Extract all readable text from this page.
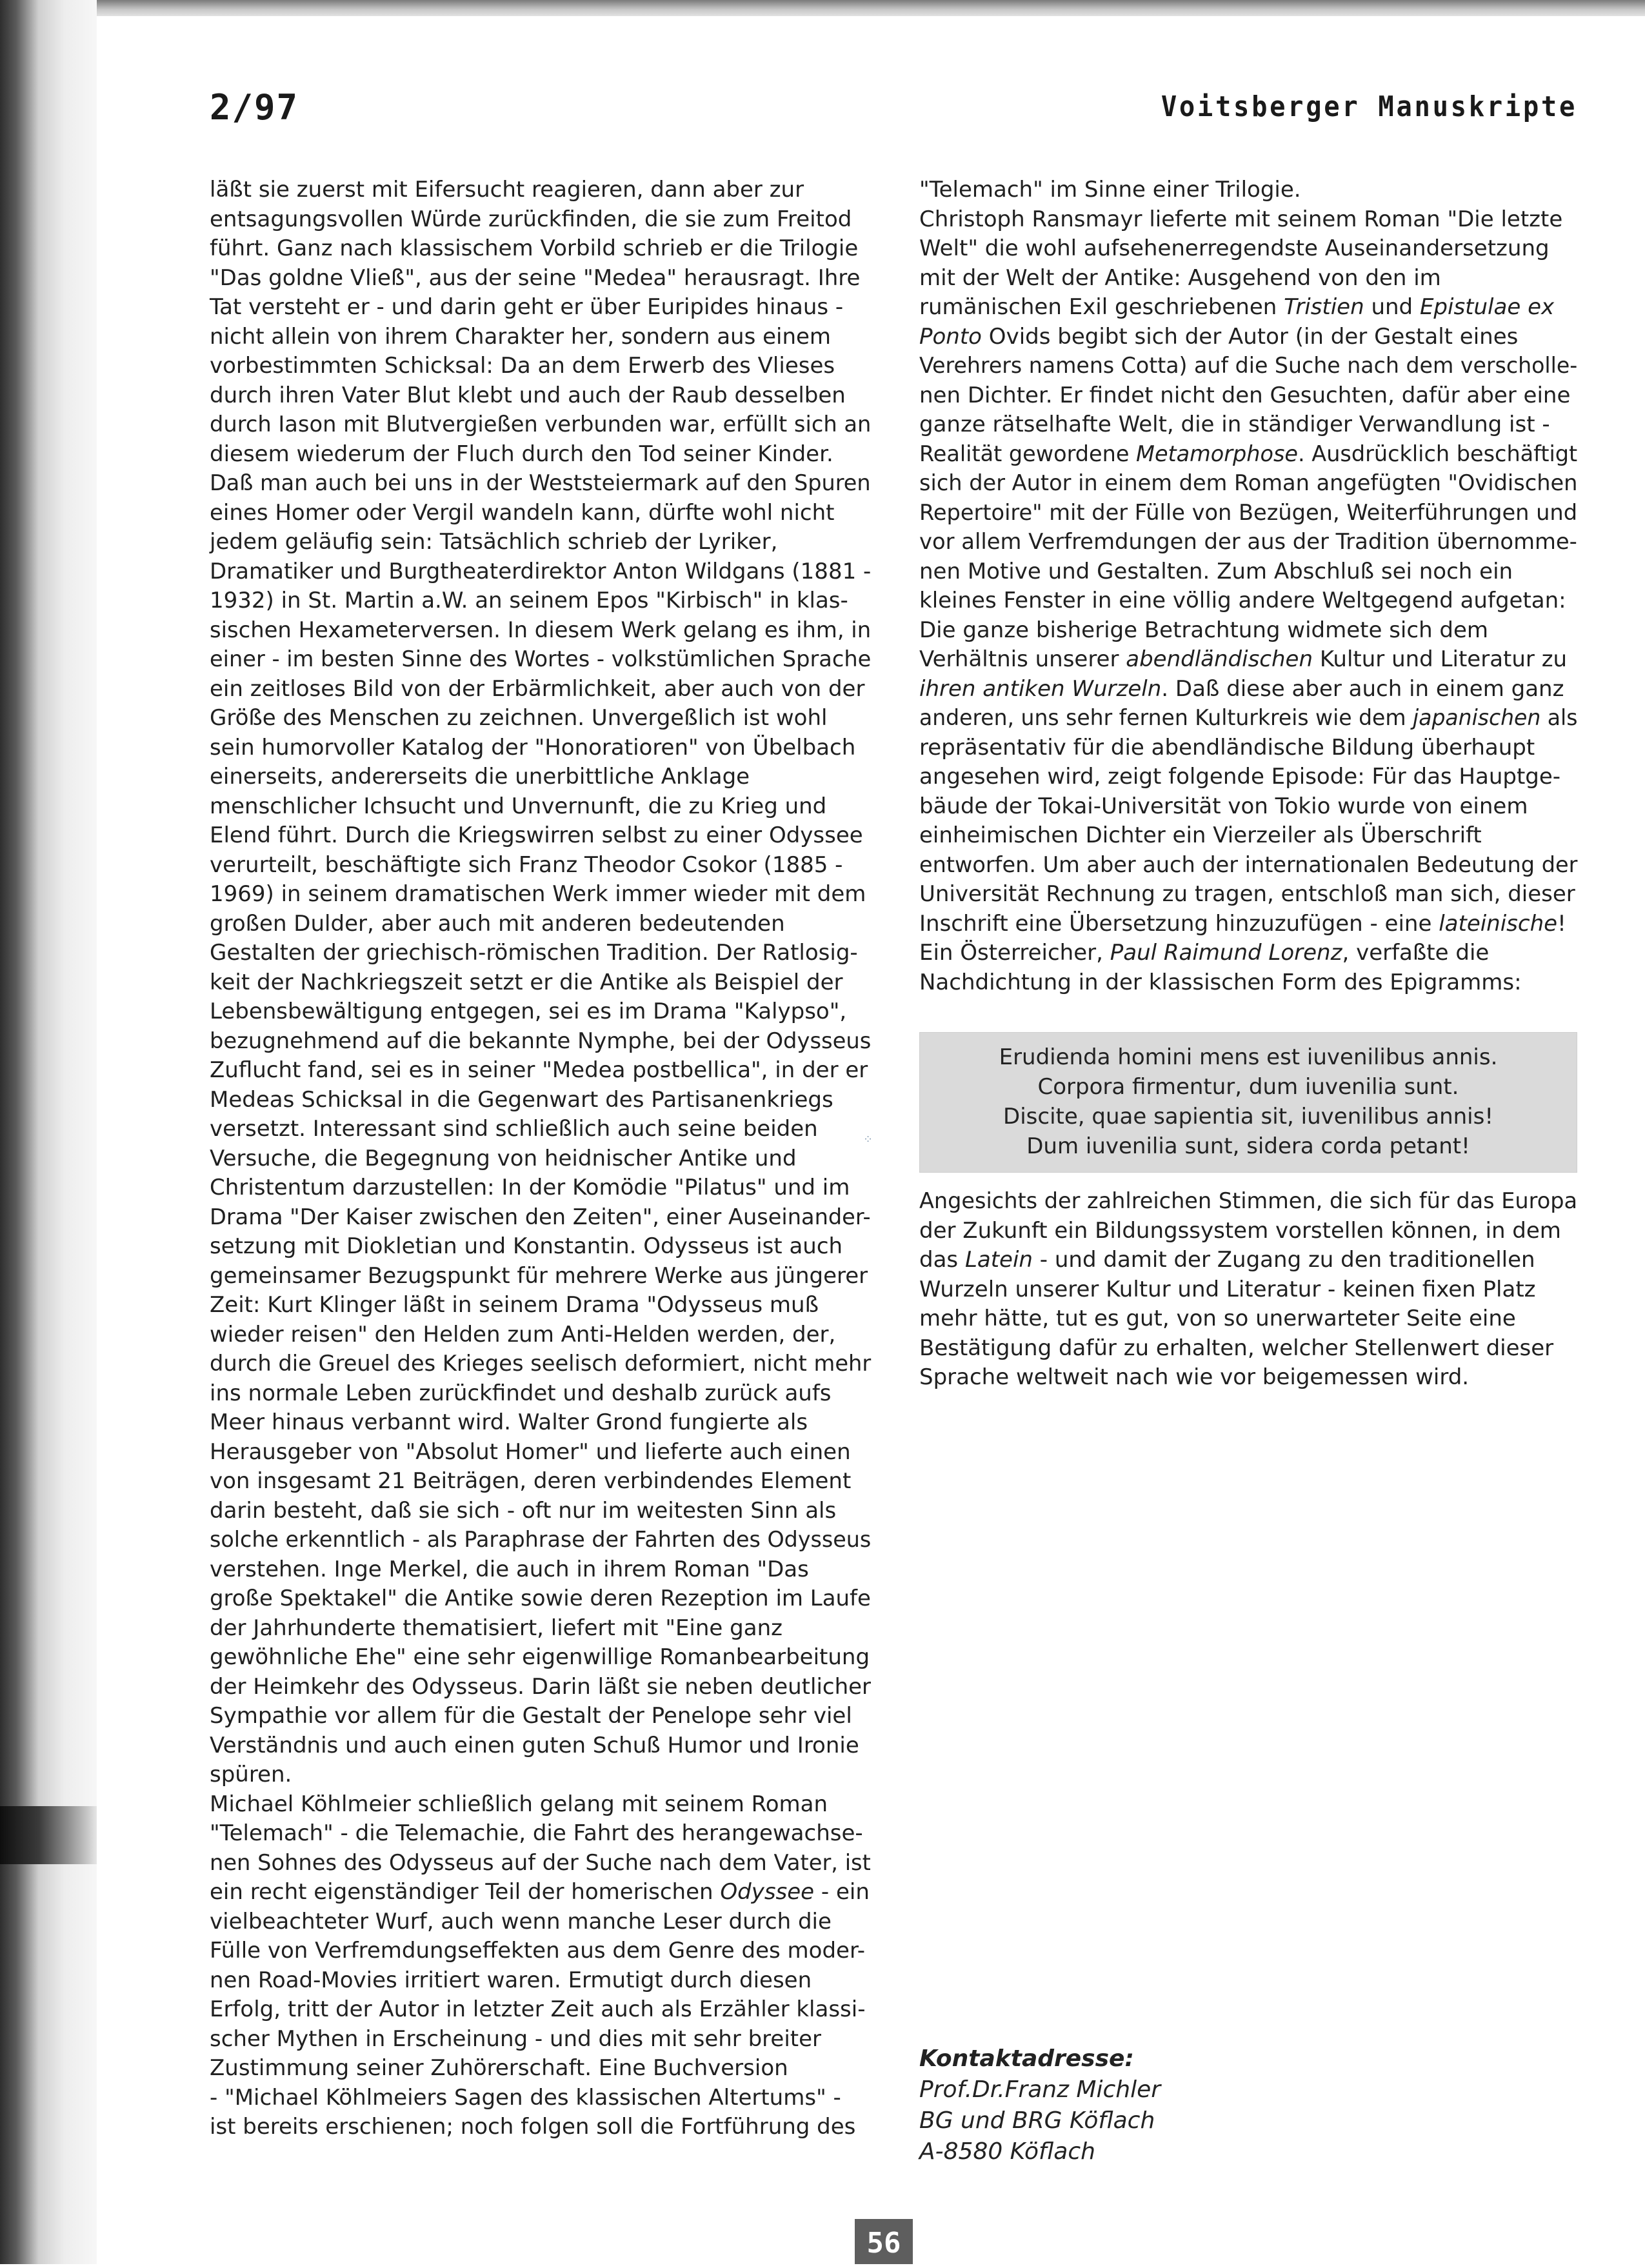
2/97	Voitsberger Manuskripte
läßt sie zuerst mit Eifersucht reagieren, dann aber zur
entsagungsvollen Würde zurückfinden, die sie zum Freitod
führt. Ganz nach klassischem Vorbild schrieb er die Trilogie
"Das goldne Vließ", aus der seine "Medea" herausragt. Ihre
Tat versteht er - und darin geht er über Euripides hinaus -
nicht allein von ihrem Charakter her, sondern aus einem
vorbestimmten Schicksal: Da an dem Erwerb des Vlieses
durch ihren Vater Blut klebt und auch der Raub desselben
durch Iason mit Blutvergießen verbunden war, erfüllt sich an
diesem wiederum der Fluch durch den Tod seiner Kinder.
Daß man auch bei uns in der Weststeiermark auf den Spuren
eines Homer oder Vergil wandeln kann, dürfte wohl nicht
jedem geläufig sein: Tatsächlich schrieb der Lyriker,
Dramatiker und Burgtheaterdirektor Anton Wildgans (1881 -
1932) in St. Martin a.W. an seinem Epos "Kirbisch" in klas-
sischen Hexameterversen. In diesem Werk gelang es ihm, in
einer - im besten Sinne des Wortes - volkstümlichen Sprache
ein zeitloses Bild von der Erbärmlichkeit, aber auch von der
Größe des Menschen zu zeichnen. Unvergeßlich ist wohl
sein humorvoller Katalog der "Honoratioren" von Übelbach
einerseits, andererseits die unerbittliche Anklage
menschlicher Ichsucht und Unvernunft, die zu Krieg und
Elend führt. Durch die Kriegswirren selbst zu einer Odyssee
verurteilt, beschäftigte sich Franz Theodor Csokor (1885 -
1969) in seinem dramatischen Werk immer wieder mit dem
großen Dulder, aber auch mit anderen bedeutenden
Gestalten der griechisch-römischen Tradition. Der Ratlosig-
keit der Nachkriegszeit setzt er die Antike als Beispiel der
Lebensbewältigung entgegen, sei es im Drama "Kalypso",
bezugnehmend auf die bekannte Nymphe, bei der Odysseus
Zuflucht fand, sei es in seiner "Medea postbellica", in der er
Medeas Schicksal in die Gegenwart des Partisanenkriegs
versetzt. Interessant sind schließlich auch seine beiden
Versuche, die Begegnung von heidnischer Antike und
Christentum darzustellen: In der Komödie "Pilatus" und im
Drama "Der Kaiser zwischen den Zeiten", einer Auseinander-
setzung mit Diokletian und Konstantin. Odysseus ist auch
gemeinsamer Bezugspunkt für mehrere Werke aus jüngerer
Zeit: Kurt Klinger läßt in seinem Drama "Odysseus muß
wieder reisen" den Helden zum Anti-Helden werden, der,
durch die Greuel des Krieges seelisch deformiert, nicht mehr
ins normale Leben zurückfindet und deshalb zurück aufs
Meer hinaus verbannt wird. Walter Grond fungierte als
Herausgeber von "Absolut Homer" und lieferte auch einen
von insgesamt 21 Beiträgen, deren verbindendes Element
darin besteht, daß sie sich - oft nur im weitesten Sinn als
solche erkenntlich - als Paraphrase der Fahrten des Odysseus
verstehen. Inge Merkel, die auch in ihrem Roman "Das
große Spektakel" die Antike sowie deren Rezeption im Laufe
der Jahrhunderte thematisiert, liefert mit "Eine ganz
gewöhnliche Ehe" eine sehr eigenwillige Romanbearbeitung
der Heimkehr des Odysseus. Darin läßt sie neben deutlicher
Sympathie vor allem für die Gestalt der Penelope sehr viel
Verständnis und auch einen guten Schuß Humor und Ironie
spüren.
Michael Köhlmeier schließlich gelang mit seinem Roman
"Telemach" - die Telemachie, die Fahrt des herangewachse-
nen Sohnes des Odysseus auf der Suche nach dem Vater, ist
ein recht eigenständiger Teil der homerischen Odyssee - ein
vielbeachteter Wurf, auch wenn manche Leser durch die
Fülle von Verfremdungseffekten aus dem Genre des moder-
nen Road-Movies irritiert waren. Ermutigt durch diesen
Erfolg, tritt der Autor in letzter Zeit auch als Erzähler klassi-
scher Mythen in Erscheinung - und dies mit sehr breiter
Zustimmung seiner Zuhörerschaft. Eine Buchversion
- "Michael Köhlmeiers Sagen des klassischen Altertums" -
ist bereits erschienen; noch folgen soll die Fortführung des
"Telemach" im Sinne einer Trilogie.
Christoph Ransmayr lieferte mit seinem Roman "Die letzte
Welt" die wohl aufsehenerregendste Auseinandersetzung
mit der Welt der Antike: Ausgehend von den im
rumänischen Exil geschriebenen Tristien und Epistulae ex
Ponto Ovids begibt sich der Autor (in der Gestalt eines
Verehrers namens Cotta) auf die Suche nach dem verscholle-
nen Dichter. Er findet nicht den Gesuchten, dafür aber eine
ganze rätselhafte Welt, die in ständiger Verwandlung ist -
Realität gewordene Metamorphose. Ausdrücklich beschäftigt
sich der Autor in einem dem Roman angefügten "Ovidischen
Repertoire" mit der Fülle von Bezügen, Weiterführungen und
vor allem Verfremdungen der aus der Tradition übernomme-
nen Motive und Gestalten. Zum Abschluß sei noch ein
kleines Fenster in eine völlig andere Weltgegend aufgetan:
Die ganze bisherige Betrachtung widmete sich dem
Verhältnis unserer abendländischen Kultur und Literatur zu
ihren antiken Wurzeln. Daß diese aber auch in einem ganz
anderen, uns sehr fernen Kulturkreis wie dem japanischen als
repräsentativ für die abendländische Bildung überhaupt
angesehen wird, zeigt folgende Episode: Für das Hauptge-
bäude der Tokai-Universität von Tokio wurde von einem
einheimischen Dichter ein Vierzeiler als Überschrift
entworfen. Um aber auch der internationalen Bedeutung der
Universität Rechnung zu tragen, entschloß man sich, dieser
Inschrift eine Übersetzung hinzuzufügen - eine lateinische!
Ein Österreicher, Paul Raimund Lorenz, verfaßte die
Nachdichtung in der klassischen Form des Epigramms:
Erudienda homini mens est iuvenilibus annis.
Corpora firmentur, dum iuvenilia sunt.
Discite, quae sapientia sit, iuvenilibus annis!
Dum iuvenilia sunt, sidera corda petant!
Angesichts der zahlreichen Stimmen, die sich für das Europa
der Zukunft ein Bildungssystem vorstellen können, in dem
das Latein - und damit der Zugang zu den traditionellen
Wurzeln unserer Kultur und Literatur - keinen fixen Platz
mehr hätte, tut es gut, von so unerwarteter Seite eine
Bestätigung dafür zu erhalten, welcher Stellenwert dieser
Sprache weltweit nach wie vor beigemessen wird.
Kontaktadresse:
Prof.Dr.Franz Michler
BG und BRG Köflach
A-8580 Köflach
⁘
56
